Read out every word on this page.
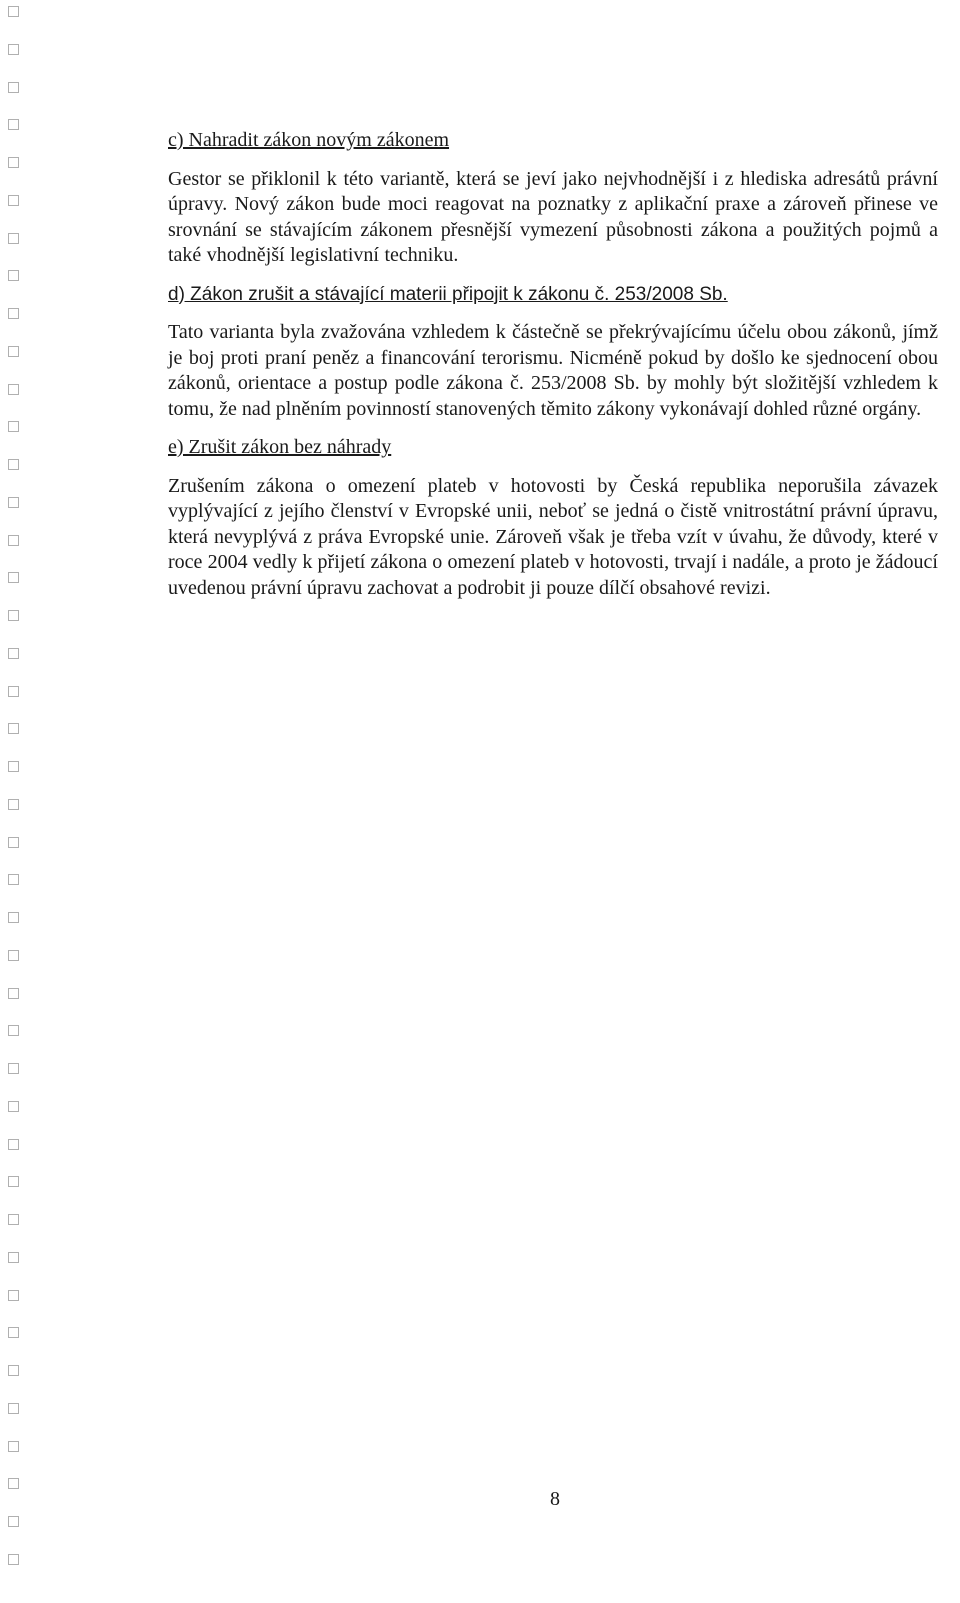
c) Nahradit zákon novým zákonem
Gestor se přiklonil k této variantě, která se jeví jako nejvhodnější i z hlediska adresátů právní úpravy. Nový zákon bude moci reagovat na poznatky z aplikační praxe a zároveň přinese ve srovnání se stávajícím zákonem přesnější vymezení působnosti zákona a použitých pojmů a také vhodnější legislativní techniku.
d) Zákon zrušit a stávající materii připojit k zákonu č. 253/2008 Sb.
Tato varianta byla zvažována vzhledem k částečně se překrývajícímu účelu obou zákonů, jímž je boj proti praní peněz a financování terorismu. Nicméně pokud by došlo ke sjednocení obou zákonů, orientace a postup podle zákona č. 253/2008 Sb. by mohly být složitější vzhledem k tomu, že nad plněním povinností stanovených těmito zákony vykonávají dohled různé orgány.
e) Zrušit zákon bez náhrady
Zrušením zákona o omezení plateb v hotovosti by Česká republika neporušila závazek vyplývající z jejího členství v Evropské unii, neboť se jedná o čistě vnitrostátní právní úpravu, která nevyplývá z práva Evropské unie. Zároveň však je třeba vzít v úvahu, že důvody, které v roce 2004 vedly k přijetí zákona o omezení plateb v hotovosti, trvají i nadále, a proto je žádoucí uvedenou právní úpravu zachovat a podrobit ji pouze dílčí obsahové revizi.
8
